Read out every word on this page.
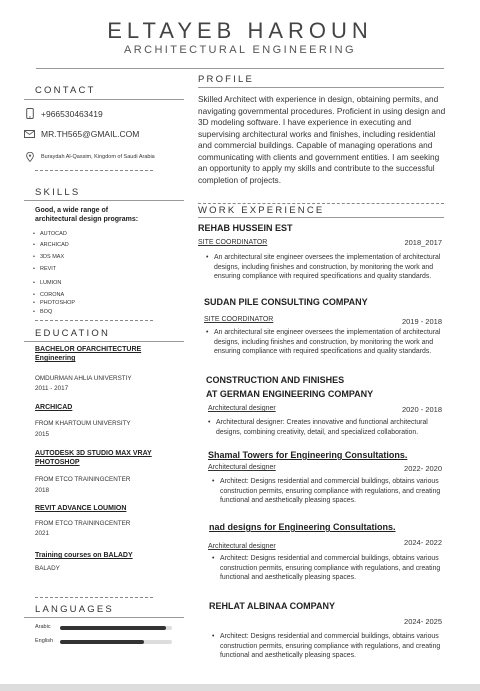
ELTAYEB HAROUN
ARCHITECTURAL ENGINEERING
CONTACT
+966530463419
MR.TH565@GMAIL.COM
Buraydah Al-Qassim, Kingdom of Saudi Arabia
SKILLS
Good, a wide range of
architectural design programs:
• AUTOCAD
• ARCHICAD
• 3DS MAX
• REVIT
• LUMION
• CORONA
• PHOTOSHOP
• BOQ
EDUCATION
BACHELOR OFARCHITECTURE Engineering
OMDURMAN AHLIA UNIVERSTIY
2011 - 2017
ARCHICAD
FROM KHARTOUM UNIVERSITY
2015
AUTODESK 3D STUDIO MAX VRAY PHOTOSHOP
FROM ETCO TRAININGCENTER
2018
REVIT ADVANCE LOUMION
FROM ETCO TRAININGCENTER
2021
Training courses on BALADY
BALADY
LANGUAGES
Arabic
English
PROFILE
Skilled Architect with experience in design, obtaining permits, and navigating governmental procedures. Proficient in using design and 3D modeling software. I have experience in executing and supervising architectural works and finishes, including residential and commercial buildings. Capable of managing operations and communicating with clients and government entities. I am seeking an opportunity to apply my skills and contribute to the successful completion of projects.
WORK EXPERIENCE
REHAB HUSSEIN EST
SITE COORDINATOR	2018_2017
• An architectural site engineer oversees the implementation of architectural designs, including finishes and construction, by monitoring the work and ensuring compliance with required specifications and quality standards.
SUDAN PILE CONSULTING COMPANY
SITE COORDINATOR	2019 - 2018
• An architectural site engineer oversees the implementation of architectural designs, including finishes and construction, by monitoring the work and ensuring compliance with required specifications and quality standards.
CONSTRUCTION AND FINISHES
AT GERMAN ENGINEERING COMPANY
Architectural designer	2020 - 2018
• Architectural designer: Creates innovative and functional architectural designs, combining creativity, detail, and specialized collaboration.
Shamal Towers for Engineering Consultations.
Architectural designer	2022- 2020
• Architect: Designs residential and commercial buildings, obtains various construction permits, ensuring compliance with regulations, and creating functional and aesthetically pleasing spaces.
nad designs for Engineering Consultations.
Architectural designer	2024- 2022
• Architect: Designs residential and commercial buildings, obtains various construction permits, ensuring compliance with regulations, and creating functional and aesthetically pleasing spaces.
REHLAT ALBINAA COMPANY
2024- 2025
• Architect: Designs residential and commercial buildings, obtains various construction permits, ensuring compliance with regulations, and creating functional and aesthetically pleasing spaces.
